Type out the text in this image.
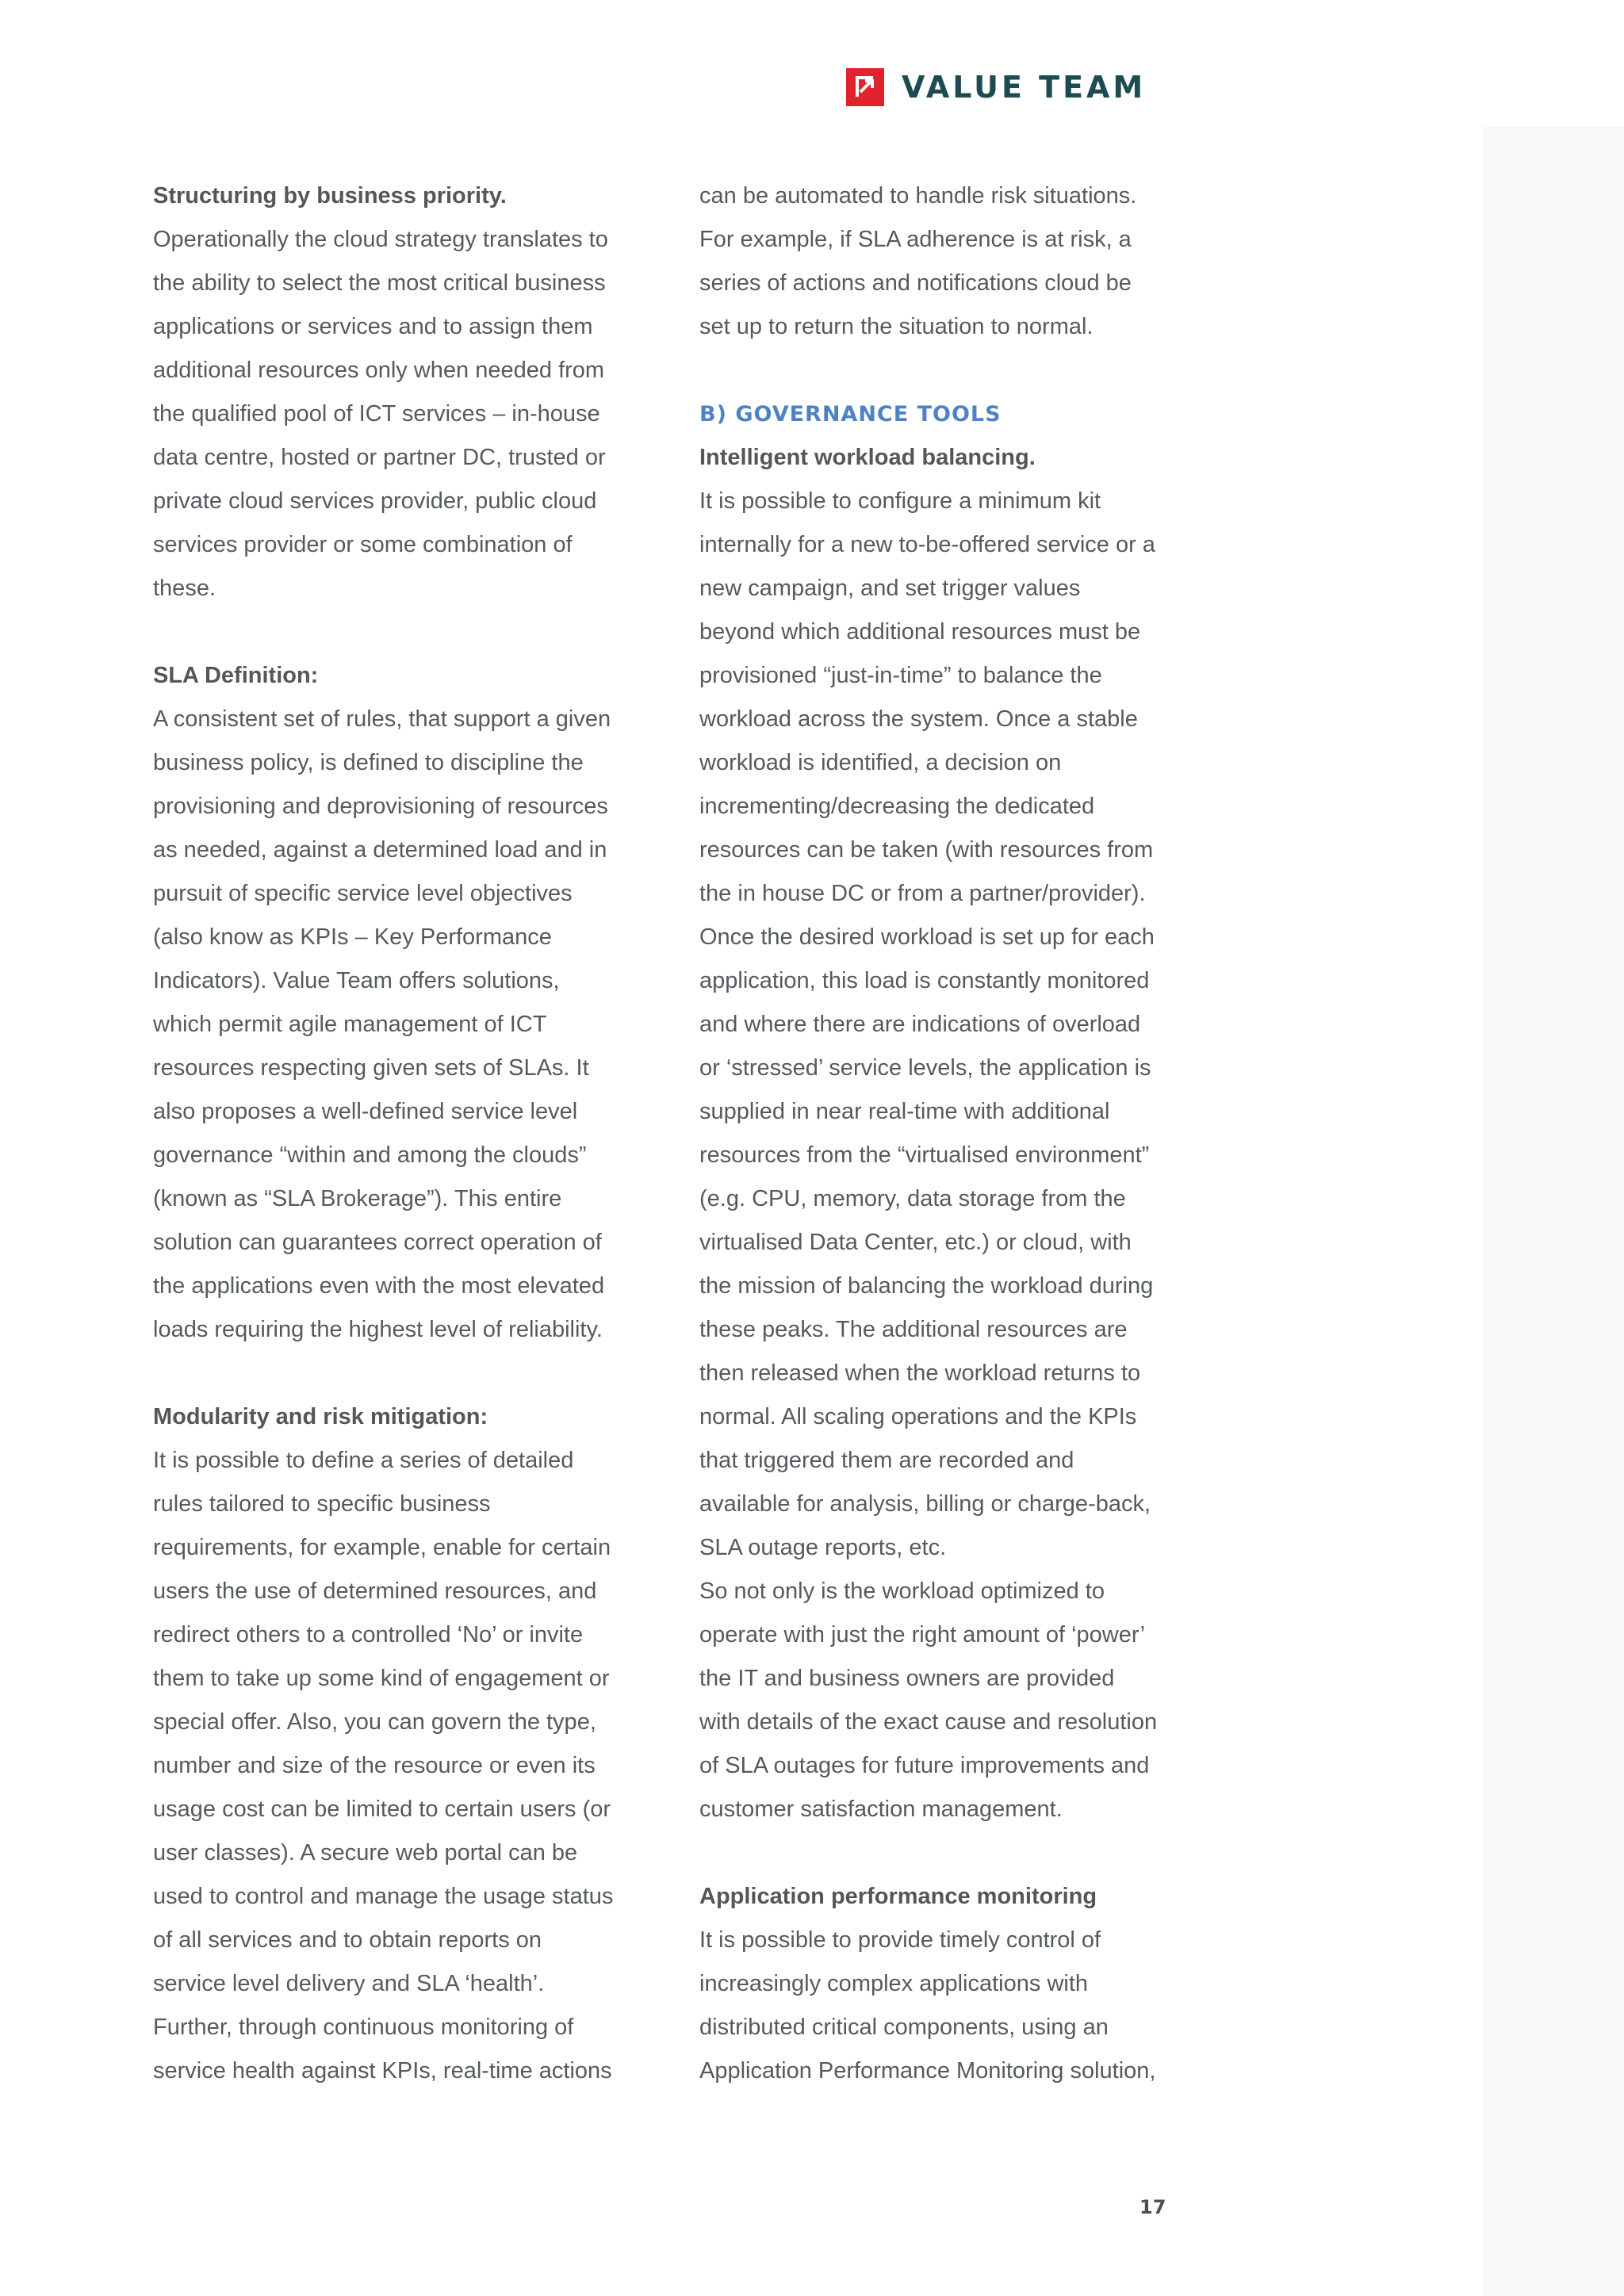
VALUE TEAM

Structuring by business priority.

Operationally the cloud strategy translates to

the ability to select the most critical business

applications or services and to assign them

additional resources only when needed from

the qualified pool of ICT services – in-house

data centre, hosted or partner DC, trusted or

private cloud services provider, public cloud

services provider or some combination of

these.

SLA Definition:

A consistent set of rules, that support a given

business policy, is defined to discipline the

provisioning and deprovisioning of resources

as needed, against a determined load and in

pursuit of specific service level objectives

(also know as KPIs – Key Performance

Indicators). Value Team offers solutions,

which permit agile management of ICT

resources respecting given sets of SLAs. It

also proposes a well-defined service level

governance “within and among the clouds”

(known as “SLA Brokerage”). This entire

solution can guarantees correct operation of

the applications even with the most elevated

loads requiring the highest level of reliability.

Modularity and risk mitigation:

It is possible to define a series of detailed

rules tailored to specific business

requirements, for example, enable for certain

users the use of determined resources, and

redirect others to a controlled ‘No’ or invite

them to take up some kind of engagement or

special offer. Also, you can govern the type,

number and size of the resource or even its

usage cost can be limited to certain users (or

user classes). A secure web portal can be

used to control and manage the usage status

of all services and to obtain reports on

service level delivery and SLA ‘health’.

Further, through continuous monitoring of

service health against KPIs, real-time actions

can be automated to handle risk situations.

For example, if SLA adherence is at risk, a

series of actions and notifications cloud be

set up to return the situation to normal.

B) GOVERNANCE TOOLS

Intelligent workload balancing.

It is possible to configure a minimum kit

internally for a new to-be-offered service or a

new campaign, and set trigger values

beyond which additional resources must be

provisioned “just-in-time” to balance the

workload across the system. Once a stable

workload is identified, a decision on

incrementing/decreasing the dedicated

resources can be taken (with resources from

the in house DC or from a partner/provider).

Once the desired workload is set up for each

application, this load is constantly monitored

and where there are indications of overload

or ‘stressed’ service levels, the application is

supplied in near real-time with additional

resources from the “virtualised environment”

(e.g. CPU, memory, data storage from the

virtualised Data Center, etc.) or cloud, with

the mission of balancing the workload during

these peaks. The additional resources are

then released when the workload returns to

normal. All scaling operations and the KPIs

that triggered them are recorded and

available for analysis, billing or charge-back,

SLA outage reports, etc.

So not only is the workload optimized to

operate with just the right amount of ‘power’

the IT and business owners are provided

with details of the exact cause and resolution

of SLA outages for future improvements and

customer satisfaction management.

Application performance monitoring

It is possible to provide timely control of

increasingly complex applications with

distributed critical components, using an

Application Performance Monitoring solution,

17
